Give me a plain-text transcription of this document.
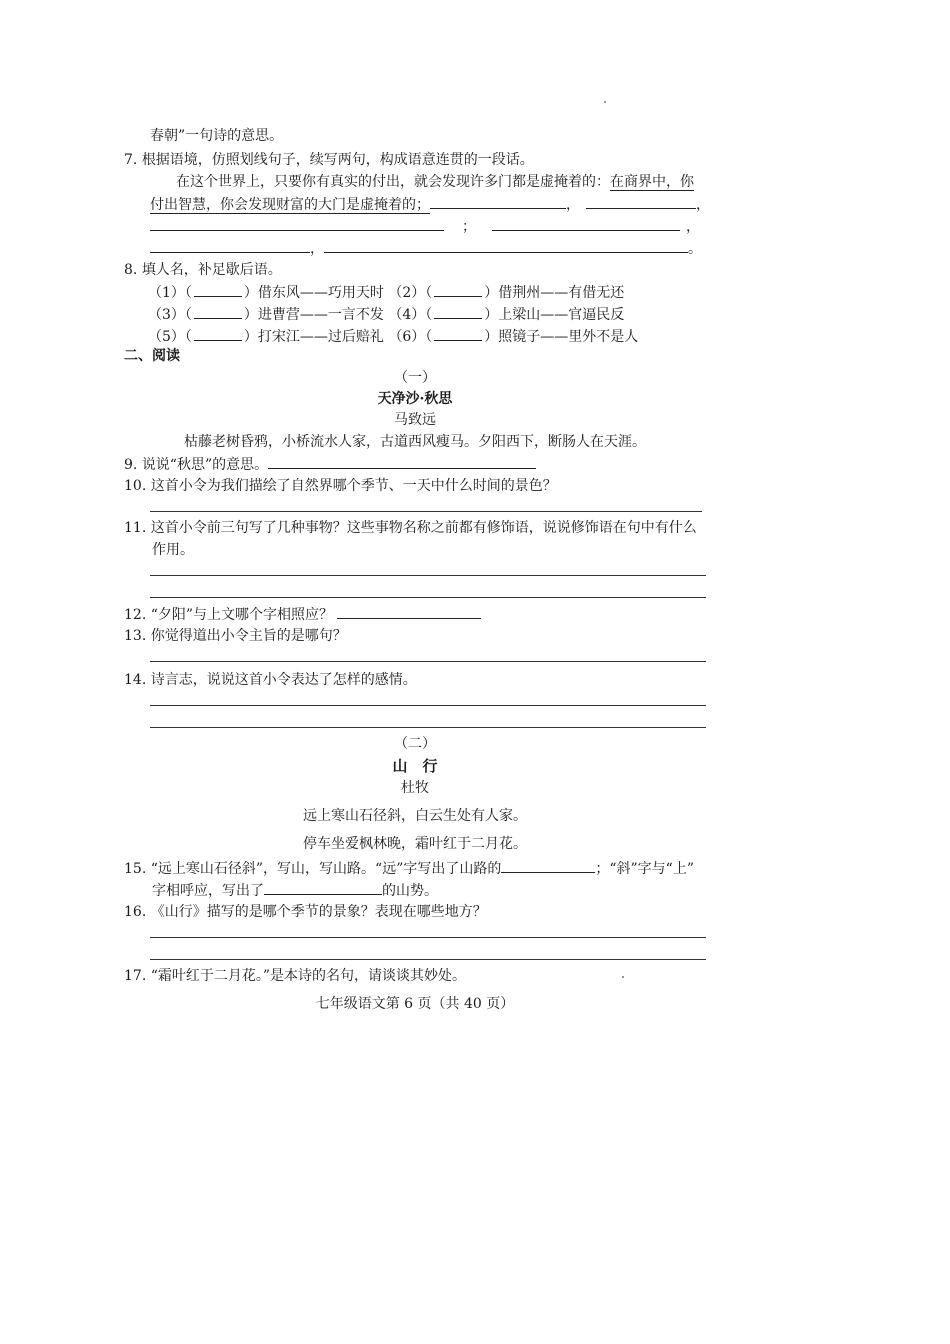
春朝”一句诗的意思。
7. 根据语境，仿照划线句子，续写两句，构成语意连贯的一段话。
在这个世界上，只要你有真实的付出，就会发现许多门都是虚掩着的：在商界中，你
付出智慧，你会发现财富的大门是虚掩着的；	，	，
；	，
，	。
8. 填人名，补足歇后语。
（1）（	）借东风——巧用天时 （2）（	）借荆州——有借无还
（3）（	）进曹营——一言不发 （4）（	）上梁山——官逼民反
（5）（	）打宋江——过后赔礼 （6）（	）照镜子——里外不是人
二、阅读
（一）
天净沙·秋思
马致远
枯藤老树昏鸦，小桥流水人家，古道西风瘦马。夕阳西下，断肠人在天涯。
9. 说说“秋思”的意思。
10. 这首小令为我们描绘了自然界哪个季节、一天中什么时间的景色？
11. 这首小令前三句写了几种事物？这些事物名称之前都有修饰语，说说修饰语在句中有什么
作用。
12. “夕阳”与上文哪个字相照应？
13. 你觉得道出小令主旨的是哪句？
14. 诗言志，说说这首小令表达了怎样的感情。
（二）
山　行
杜牧
远上寒山石径斜，白云生处有人家。
停车坐爱枫林晚，霜叶红于二月花。
15. “远上寒山石径斜”，写山，写山路。“远”字写出了山路的	；“斜”字与“上”
字相呼应，写出了	的山势。
16. 《山行》描写的是哪个季节的景象？表现在哪些地方？
17. “霜叶红于二月花。”是本诗的名句，请谈谈其妙处。
七年级语文第 6 页（共 40 页）
